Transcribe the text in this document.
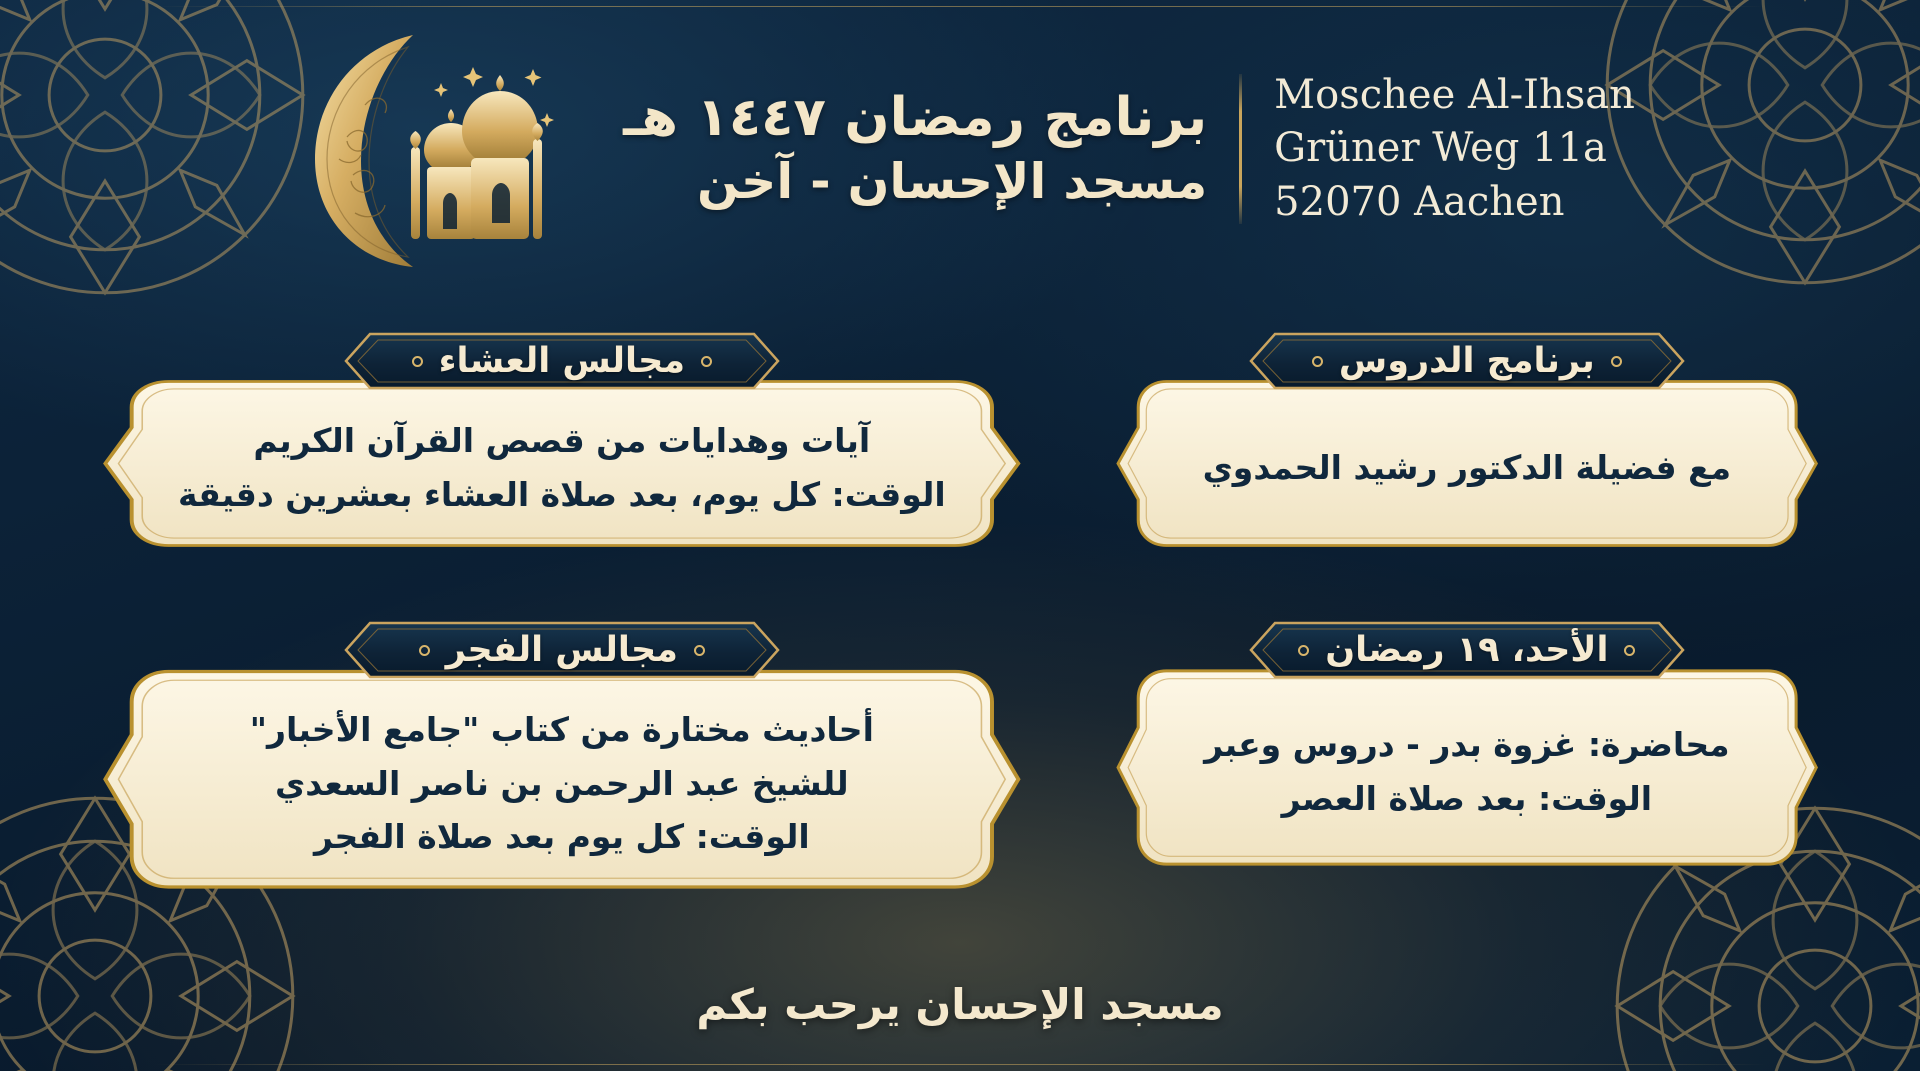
Moschee Al-Ihsan
Grüner Weg 11a
52070 Aachen
برنامج رمضان ١٤٤٧ هـ
مسجد الإحسان - آخن
برنامج الدروس
مع فضيلة الدكتور رشيد الحمدوي
مجالس العشاء
آيات وهدايات من قصص القرآن الكريم
الوقت: كل يوم، بعد صلاة العشاء بعشرين دقيقة
الأحد، ١٩ رمضان
محاضرة: غزوة بدر - دروس وعبر
الوقت: بعد صلاة العصر
مجالس الفجر
أحاديث مختارة من كتاب "جامع الأخبار"
للشيخ عبد الرحمن بن ناصر السعدي
الوقت: كل يوم بعد صلاة الفجر
مسجد الإحسان يرحب بكم
